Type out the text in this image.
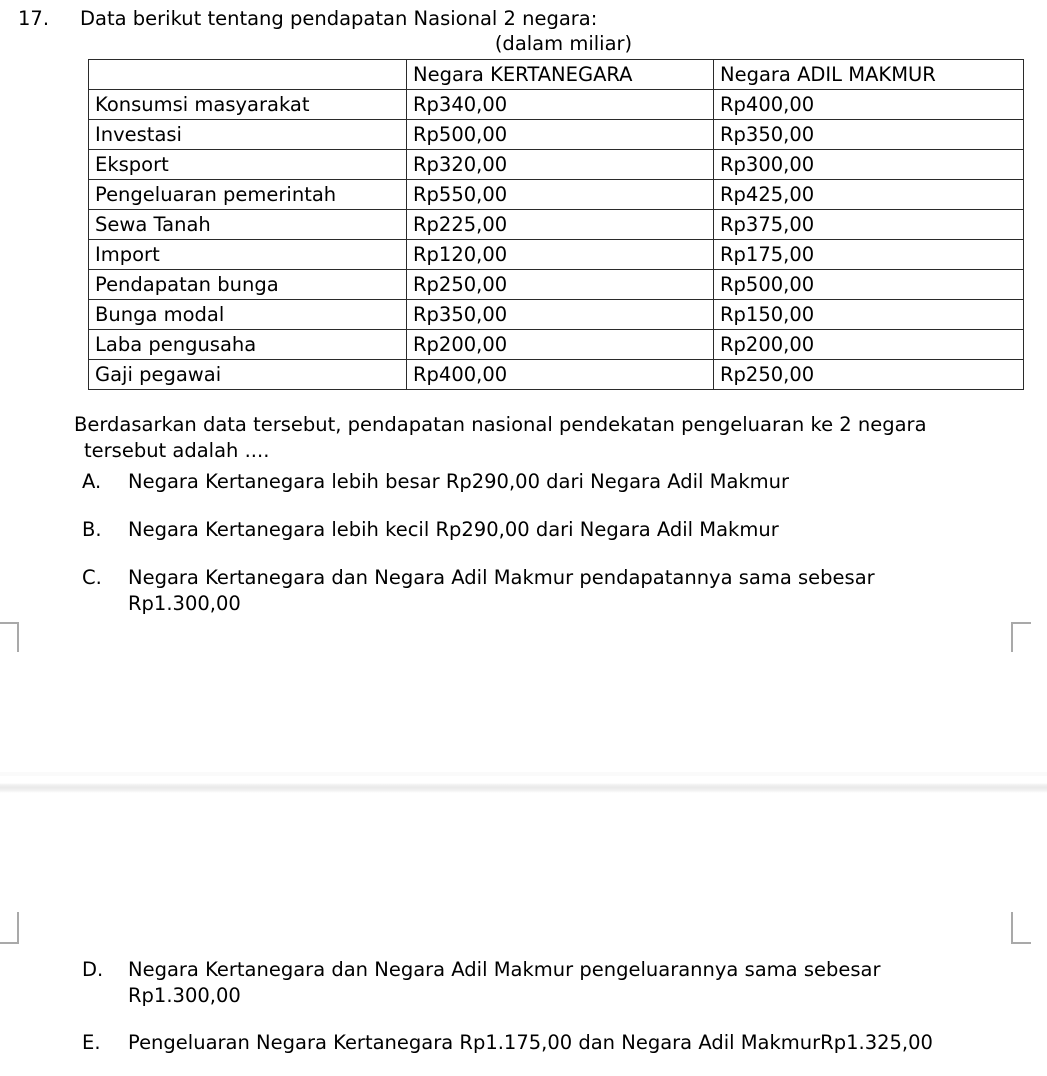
17.	Data berikut tentang pendapatan Nasional 2 negara:
(dalam miliar)
	Negara KERTANEGARA	Negara ADIL MAKMUR
Konsumsi masyarakat	Rp340,00	Rp400,00
Investasi	Rp500,00	Rp350,00
Eksport	Rp320,00	Rp300,00
Pengeluaran pemerintah	Rp550,00	Rp425,00
Sewa Tanah	Rp225,00	Rp375,00
Import	Rp120,00	Rp175,00
Pendapatan bunga	Rp250,00	Rp500,00
Bunga modal	Rp350,00	Rp150,00
Laba pengusaha	Rp200,00	Rp200,00
Gaji pegawai	Rp400,00	Rp250,00
Berdasarkan data tersebut, pendapatan nasional pendekatan pengeluaran ke 2 negara
tersebut adalah ....
A.	Negara Kertanegara lebih besar Rp290,00 dari Negara Adil Makmur
B.	Negara Kertanegara lebih kecil Rp290,00 dari Negara Adil Makmur
C.	Negara Kertanegara dan Negara Adil Makmur pendapatannya sama sebesar
Rp1.300,00
D.	Negara Kertanegara dan Negara Adil Makmur pengeluarannya sama sebesar
Rp1.300,00
E.	Pengeluaran Negara Kertanegara Rp1.175,00 dan Negara Adil MakmurRp1.325,00
